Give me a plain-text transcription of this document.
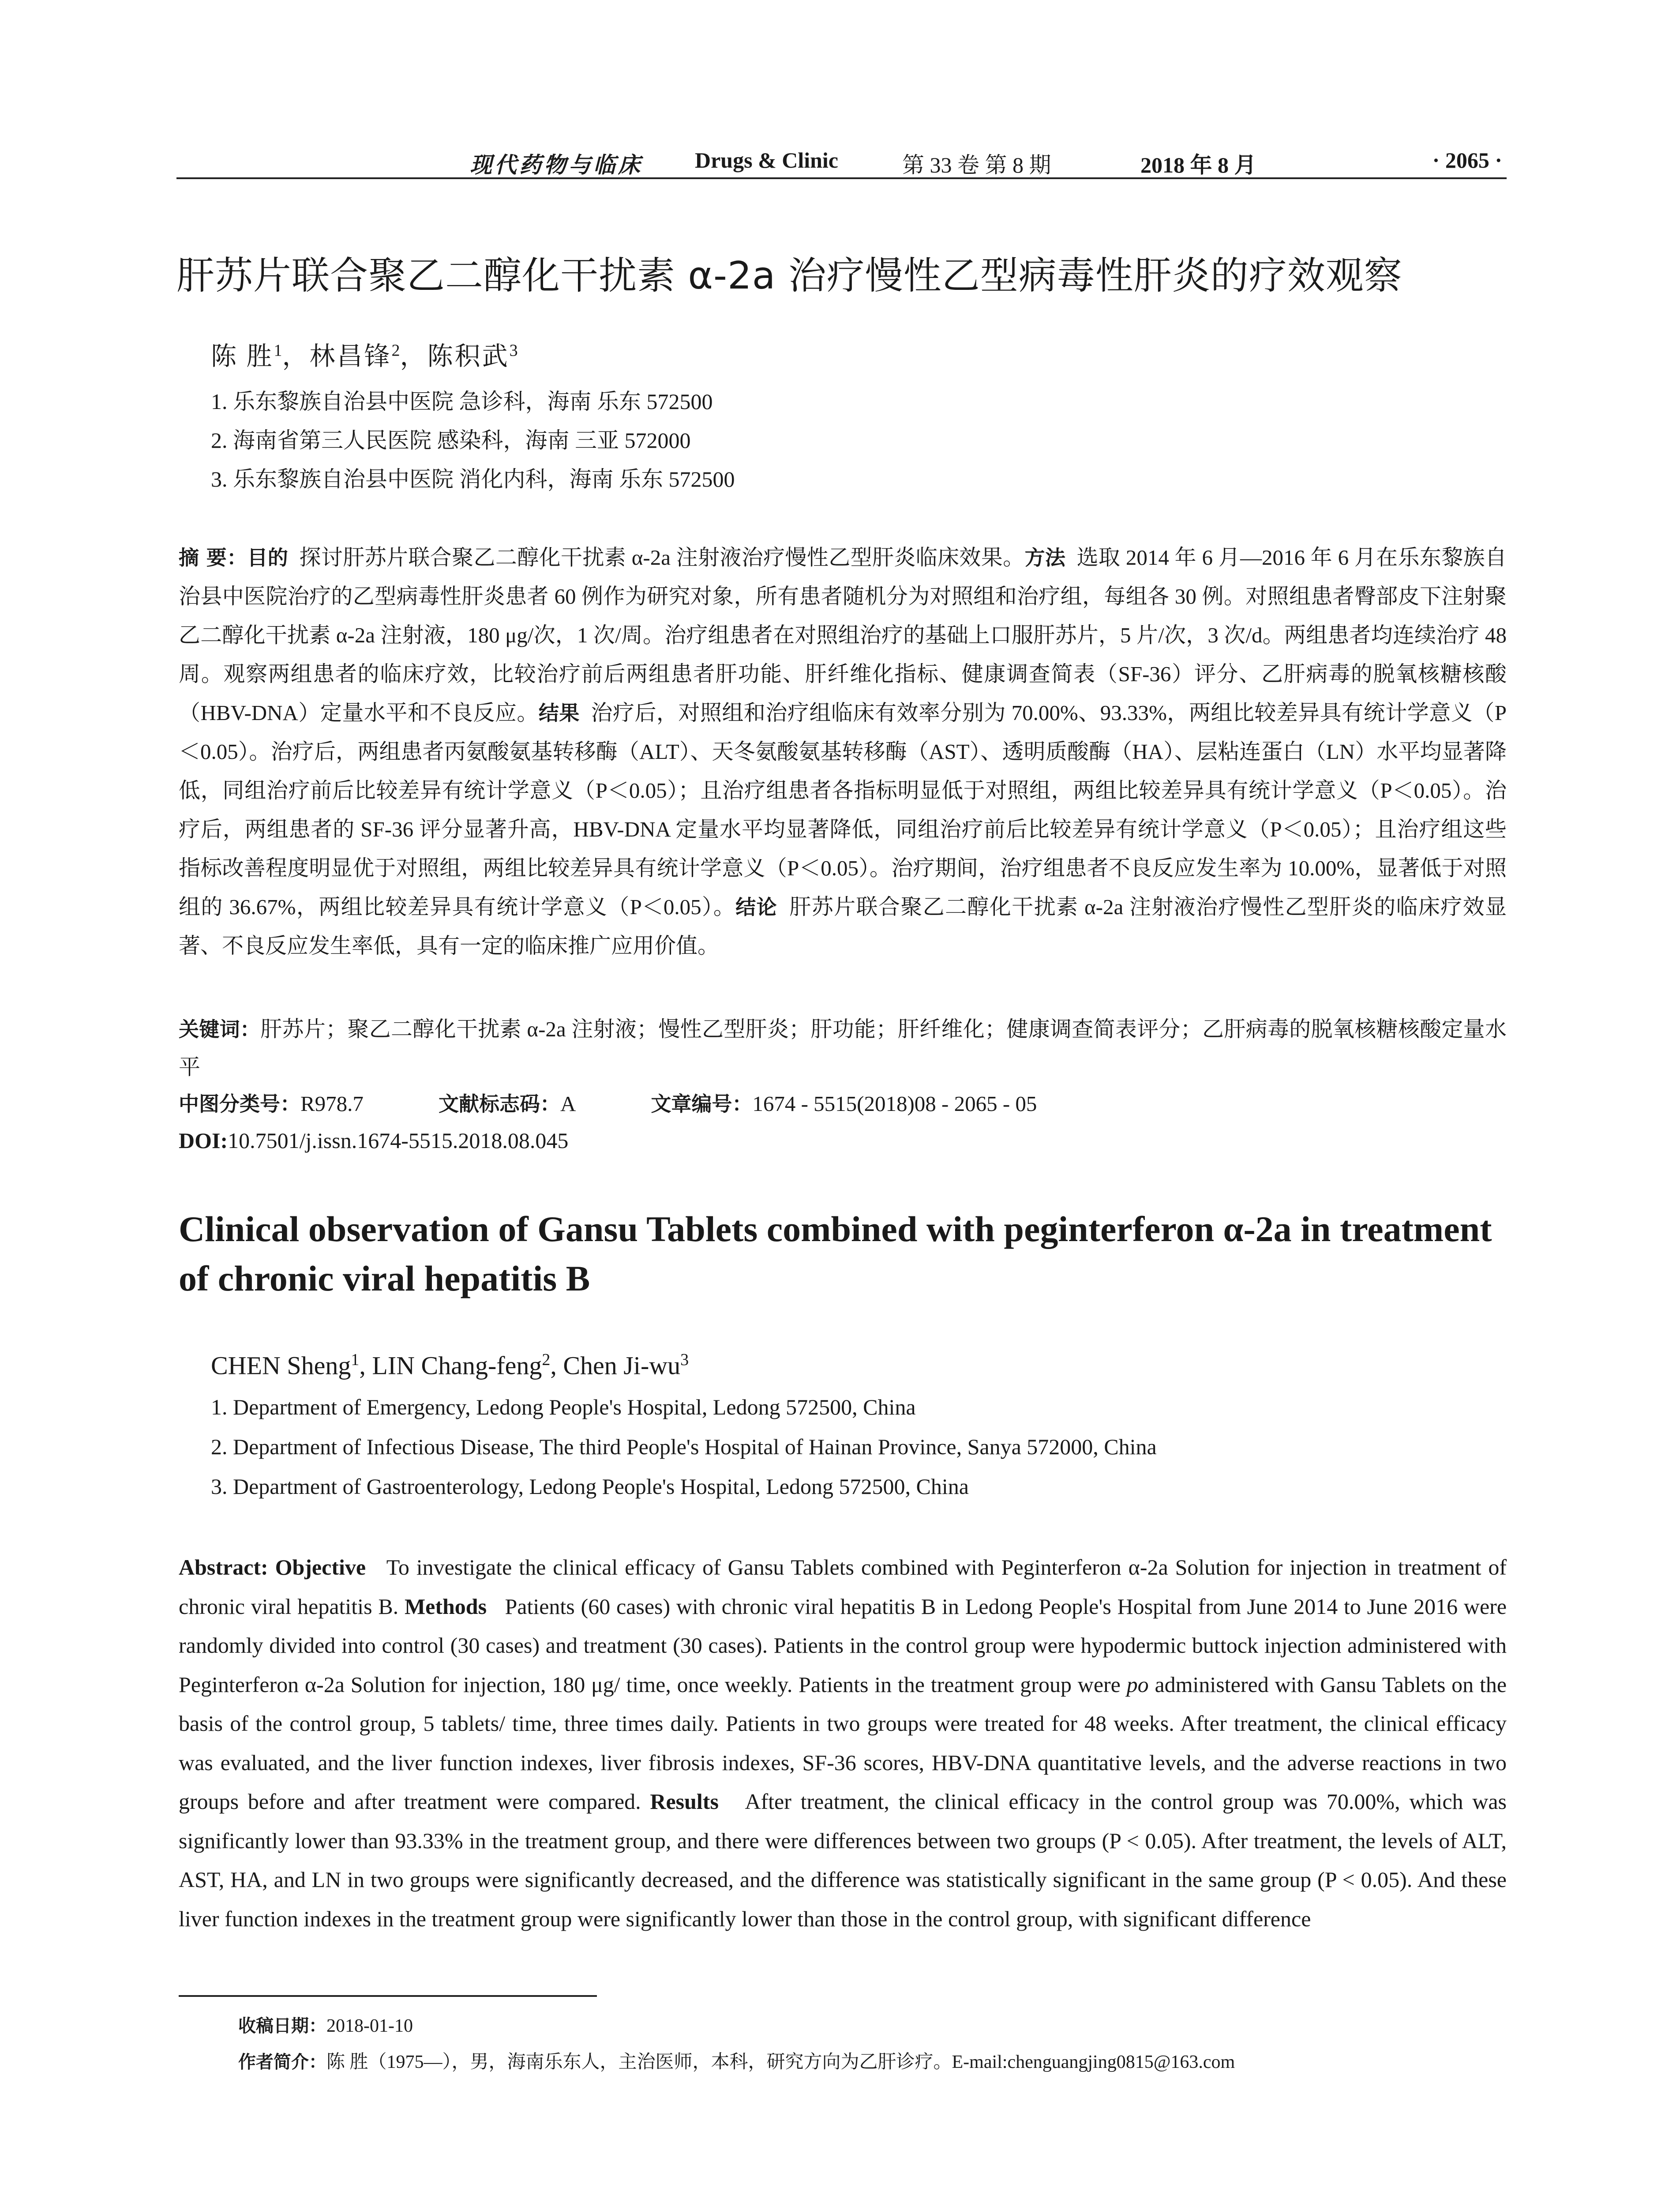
现代药物与临床 Drugs & Clinic	第 33 卷 第 8 期	2018 年 8 月	· 2065 ·
肝苏片联合聚乙二醇化干扰素 α-2a 治疗慢性乙型病毒性肝炎的疗效观察
陈 胜$^1$，林昌锋$^2$，陈积武$^3$
1. 乐东黎族自治县中医院 急诊科，海南 乐东 572500
2. 海南省第三人民医院 感染科，海南 三亚 572000
3. 乐东黎族自治县中医院 消化内科，海南 乐东 572500
摘 要：目的 探讨肝苏片联合聚乙二醇化干扰素 α-2a 注射液治疗慢性乙型肝炎临床效果。方法 选取 2014 年 6 月—2016 年 6 月在乐东黎族自治县中医院治疗的乙型病毒性肝炎患者 60 例作为研究对象，所有患者随机分为对照组和治疗组，每组各 30 例。对照组患者臀部皮下注射聚乙二醇化干扰素 α-2a 注射液，180 μg/次，1 次/周。治疗组患者在对照组治疗的基础上口服肝苏片，5 片/次，3 次/d。两组患者均连续治疗 48 周。观察两组患者的临床疗效，比较治疗前后两组患者肝功能、肝纤维化指标、健康调查简表（SF-36）评分、乙肝病毒的脱氧核糖核酸（HBV-DNA）定量水平和不良反应。结果 治疗后，对照组和治疗组临床有效率分别为 70.00%、93.33%，两组比较差异具有统计学意义（P＜0.05）。治疗后，两组患者丙氨酸氨基转移酶（ALT）、天冬氨酸氨基转移酶（AST）、透明质酸酶（HA）、层粘连蛋白（LN）水平均显著降低，同组治疗前后比较差异有统计学意义（P＜0.05）；且治疗组患者各指标明显低于对照组，两组比较差异具有统计学意义（P＜0.05）。治疗后，两组患者的 SF-36 评分显著升高，HBV-DNA 定量水平均显著降低，同组治疗前后比较差异有统计学意义（P＜0.05）；且治疗组这些指标改善程度明显优于对照组，两组比较差异具有统计学意义（P＜0.05）。治疗期间，治疗组患者不良反应发生率为 10.00%，显著低于对照组的 36.67%，两组比较差异具有统计学意义（P＜0.05）。结论 肝苏片联合聚乙二醇化干扰素 α-2a 注射液治疗慢性乙型肝炎的临床疗效显著、不良反应发生率低，具有一定的临床推广应用价值。
关键词：肝苏片；聚乙二醇化干扰素 α-2a 注射液；慢性乙型肝炎；肝功能；肝纤维化；健康调查简表评分；乙肝病毒的脱氧核糖核酸定量水平
中图分类号：R978.7	文献标志码：A	文章编号：1674 - 5515(2018)08 - 2065 - 05
DOI:10.7501/j.issn.1674-5515.2018.08.045
Clinical observation of Gansu Tablets combined with peginterferon α-2a in treatment of chronic viral hepatitis B
CHEN Sheng$^1$, LIN Chang-feng$^2$, Chen $Ji-wu^3$
1. Department of Emergency, Ledong People's Hospital, Ledong 572500, China
2. Department of Infectious Disease, The third People's Hospital of Hainan Province, Sanya 572000, China
3. Department of Gastroenterology, Ledong People's Hospital, Ledong 572500, China
Abstract: Objective To investigate the clinical efficacy of Gansu Tablets combined with Peginterferon α-2a Solution for injection in treatment of chronic viral hepatitis B. Methods Patients (60 cases) with chronic viral hepatitis B in Ledong People's Hospital from June 2014 to June 2016 were randomly divided into control (30 cases) and treatment (30 cases). Patients in the control group were hypodermic buttock injection administered with Peginterferon α-2a Solution for injection, 180 μg/ time, once weekly. Patients in the treatment group were po administered with Gansu Tablets on the basis of the control group, 5 tablets/ time, three times daily. Patients in two groups were treated for 48 weeks. After treatment, the clinical efficacy was evaluated, and the liver function indexes, liver fibrosis indexes, SF-36 scores, HBV-DNA quantitative levels, and the adverse reactions in two groups before and after treatment were compared. Results After treatment, the clinical efficacy in the control group was 70.00%, which was significantly lower than 93.33% in the treatment group, and there were differences between two groups (P < 0.05). After treatment, the levels of ALT, AST, HA, and LN in two groups were significantly decreased, and the difference was statistically significant in the same group (P < 0.05). And these liver function indexes in the treatment group were significantly lower than those in the control group, with significant difference
收稿日期：2018-01-10
作者简介：陈 胜（1975—），男，海南乐东人，主治医师，本科，研究方向为乙肝诊疗。E-mail:chenguangjing0815@163.com
